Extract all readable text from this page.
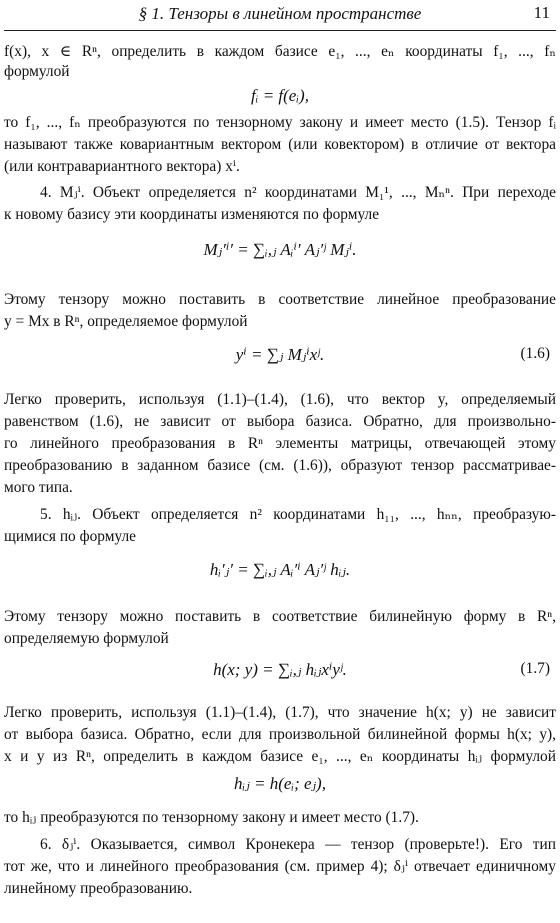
§ 1. Тензоры в линейном пространстве	11
f(x), x ∈ Rⁿ, определить в каждом базисе e₁, ..., eₙ координаты f₁, ..., fₙ
формулой
fᵢ = f(eᵢ),
то f₁, ..., fₙ преобразуются по тензорному закону и имеет место (1.5). Тензор fᵢ
называют также ковариантным вектором (или ковектором) в отличие от вектора
(или контравариантного вектора) xⁱ.
4. Mⱼⁱ. Объект определяется n² координатами M₁¹, ..., Mₙⁿ. При переходе
к новому базису эти координаты изменяются по формуле
Mⱼ′ⁱ′ = ∑ᵢ,ⱼ Aᵢⁱ′ Aⱼ′ʲ Mⱼⁱ.
Этому тензору можно поставить в соответствие линейное преобразование
y = Mx в Rⁿ, определяемое формулой
yⁱ = ∑ⱼ Mⱼⁱxʲ.	(1.6)
Легко проверить, используя (1.1)–(1.4), (1.6), что вектор y, определяемый
равенством (1.6), не зависит от выбора базиса. Обратно, для произвольно-
го линейного преобразования в Rⁿ элементы матрицы, отвечающей этому
преобразованию в заданном базисе (см. (1.6)), образуют тензор рассматривае-
мого типа.
5. hᵢⱼ. Объект определяется n² координатами h₁₁, ..., hₙₙ, преобразую-
щимися по формуле
hᵢ′ⱼ′ = ∑ᵢ,ⱼ Aᵢ′ⁱ Aⱼ′ʲ hᵢⱼ.
Этому тензору можно поставить в соответствие билинейную форму в Rⁿ,
определяемую формулой
h(x; y) = ∑ᵢ,ⱼ hᵢⱼxⁱyʲ.	(1.7)
Легко проверить, используя (1.1)–(1.4), (1.7), что значение h(x; y) не зависит
от выбора базиса. Обратно, если для произвольной билинейной формы h(x; y),
x и y из Rⁿ, определить в каждом базисе e₁, ..., eₙ координаты hᵢⱼ формулой
hᵢⱼ = h(eᵢ; eⱼ),
то hᵢⱼ преобразуются по тензорному закону и имеет место (1.7).
6. δⱼⁱ. Оказывается, символ Кронекера — тензор (проверьте!). Его тип
тот же, что и линейного преобразования (см. пример 4); δⱼⁱ отвечает единичному
линейному преобразованию.
